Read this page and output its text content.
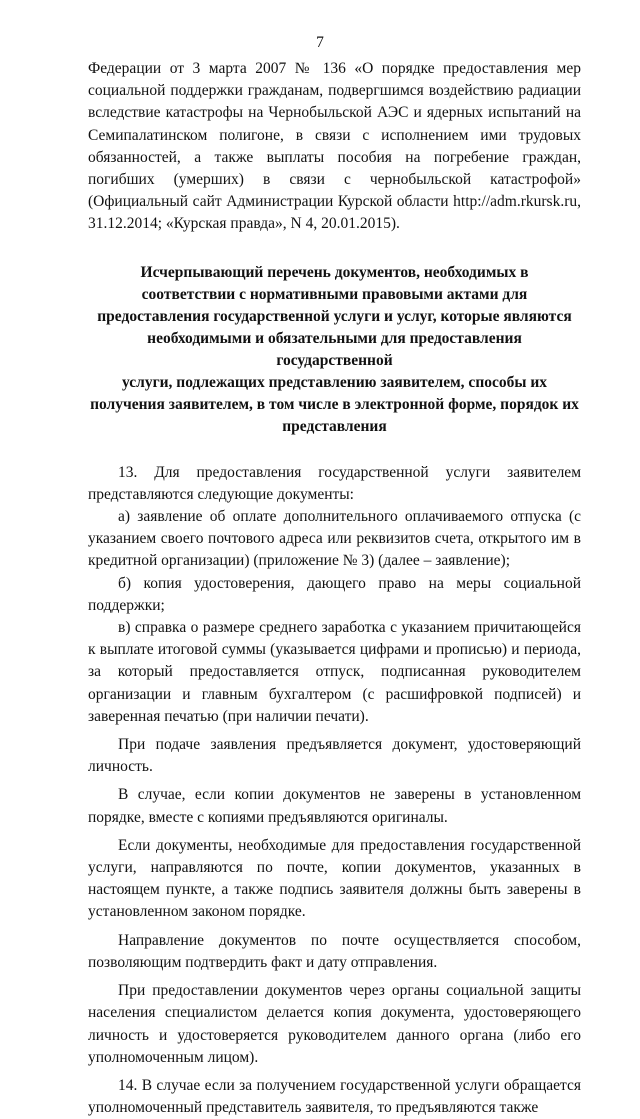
7

Федерации от 3 марта 2007 № 136 «О порядке предоставления мер социальной поддержки гражданам, подвергшимся воздействию радиации вследствие катастрофы на Чернобыльской АЭС и ядерных испытаний на Семипалатинском полигоне, в связи с исполнением ими трудовых обязанностей, а также выплаты пособия на погребение граждан, погибших (умерших) в связи с чернобыльской катастрофой» (Официальный сайт Администрации Курской области http://adm.rkursk.ru, 31.12.2014; «Курская правда», N 4, 20.01.2015).

Исчерпывающий перечень документов, необходимых в
соответствии с нормативными правовыми актами для
предоставления государственной услуги и услуг, которые являются
необходимыми и обязательными для предоставления государственной
услуги, подлежащих представлению заявителем, способы их
получения заявителем, в том числе в электронной форме, порядок их
представления

13. Для предоставления государственной услуги заявителем представляются следующие документы:

а) заявление об оплате дополнительного оплачиваемого отпуска (с указанием своего почтового адреса или реквизитов счета, открытого им в кредитной организации) (приложение № 3) (далее – заявление);

б) копия удостоверения, дающего право на меры социальной поддержки;

в) справка о размере среднего заработка с указанием причитающейся к выплате итоговой суммы (указывается цифрами и прописью) и периода, за который предоставляется отпуск, подписанная руководителем организации и главным бухгалтером (с расшифровкой подписей) и заверенная печатью (при наличии печати).

При подаче заявления предъявляется документ, удостоверяющий личность.

В случае, если копии документов не заверены в установленном порядке, вместе с копиями предъявляются оригиналы.

Если документы, необходимые для предоставления государственной услуги, направляются по почте, копии документов, указанных в настоящем пункте, а также подпись заявителя должны быть заверены в установленном законом порядке.

Направление документов по почте осуществляется способом, позволяющим подтвердить факт и дату отправления.

При предоставлении документов через органы социальной защиты населения специалистом делается копия документа, удостоверяющего личность и удостоверяется руководителем данного органа (либо его уполномоченным лицом).

14. В случае если за получением государственной услуги обращается уполномоченный представитель заявителя, то предъявляются также
